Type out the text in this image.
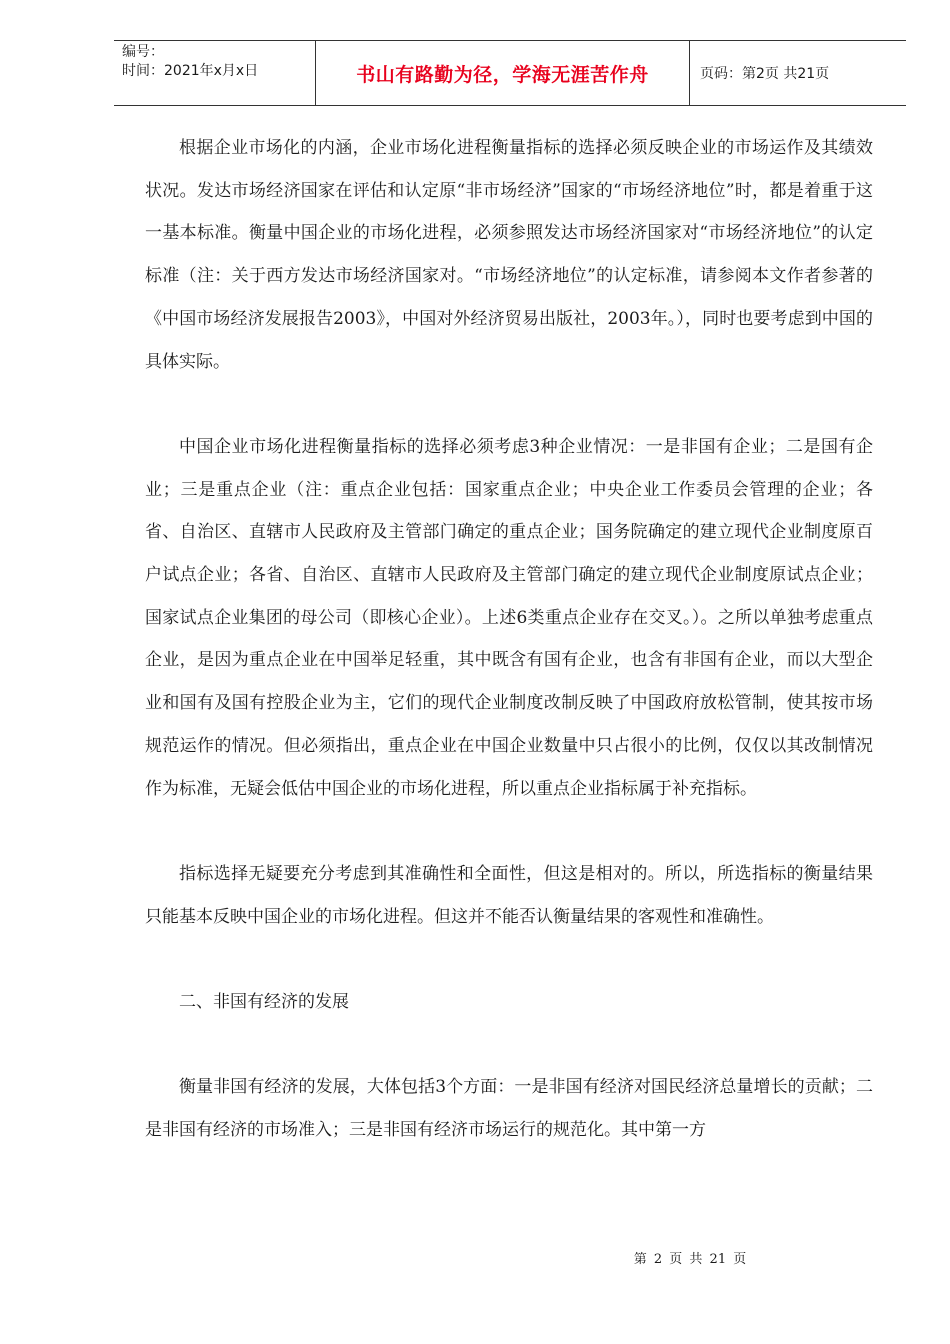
编号：
时间：2021年x月x日	书山有路勤为径，学海无涯苦作舟	页码：第2页 共21页

根据企业市场化的内涵，企业市场化进程衡量指标的选择必须反映企业的市场运作及其绩效状况。发达市场经济国家在评估和认定原“非市场经济”国家的“市场经济地位”时，都是着重于这一基本标准。衡量中国企业的市场化进程，必须参照发达市场经济国家对“市场经济地位”的认定标准（注：关于西方发达市场经济国家对。“市场经济地位”的认定标准，请参阅本文作者参著的《中国市场经济发展报告2003》，中国对外经济贸易出版社，2003年。），同时也要考虑到中国的具体实际。

中国企业市场化进程衡量指标的选择必须考虑3种企业情况：一是非国有企业；二是国有企业；三是重点企业（注：重点企业包括：国家重点企业；中央企业工作委员会管理的企业；各省、自治区、直辖市人民政府及主管部门确定的重点企业；国务院确定的建立现代企业制度原百户试点企业；各省、自治区、直辖市人民政府及主管部门确定的建立现代企业制度原试点企业；国家试点企业集团的母公司（即核心企业）。上述6类重点企业存在交叉。）。之所以单独考虑重点企业，是因为重点企业在中国举足轻重，其中既含有国有企业，也含有非国有企业，而以大型企业和国有及国有控股企业为主，它们的现代企业制度改制反映了中国政府放松管制，使其按市场规范运作的情况。但必须指出，重点企业在中国企业数量中只占很小的比例，仅仅以其改制情况作为标准，无疑会低估中国企业的市场化进程，所以重点企业指标属于补充指标。

指标选择无疑要充分考虑到其准确性和全面性，但这是相对的。所以，所选指标的衡量结果只能基本反映中国企业的市场化进程。但这并不能否认衡量结果的客观性和准确性。

二、非国有经济的发展

衡量非国有经济的发展，大体包括3个方面：一是非国有经济对国民经济总量增长的贡献；二是非国有经济的市场准入；三是非国有经济市场运行的规范化。其中第一方

第 2 页 共 21 页
